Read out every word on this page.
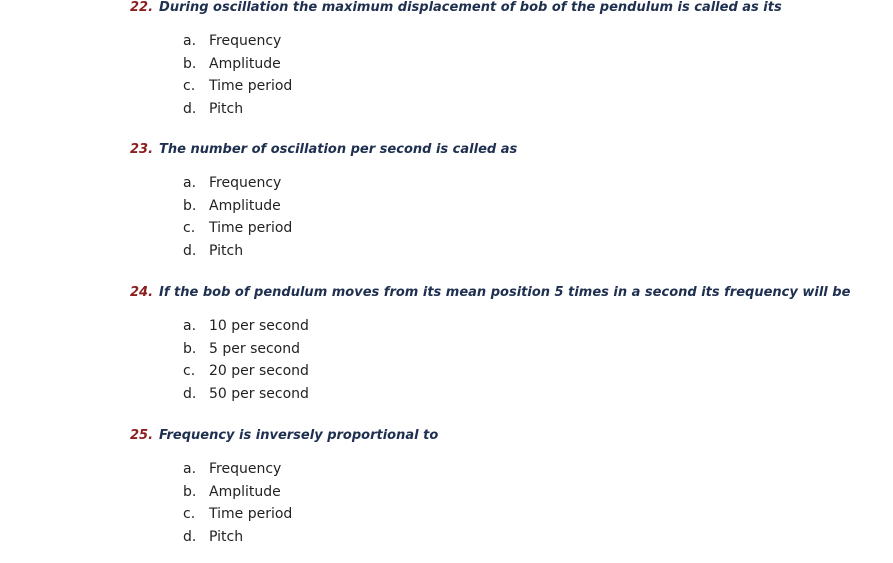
22. During oscillation the maximum displacement of bob of the pendulum is called as its
a. Frequency
b. Amplitude
c. Time period
d. Pitch
23. The number of oscillation per second is called as
a. Frequency
b. Amplitude
c. Time period
d. Pitch
24. If the bob of pendulum moves from its mean position 5 times in a second its frequency will be
a. 10 per second
b. 5 per second
c. 20 per second
d. 50 per second
25. Frequency is inversely proportional to
a. Frequency
b. Amplitude
c. Time period
d. Pitch
